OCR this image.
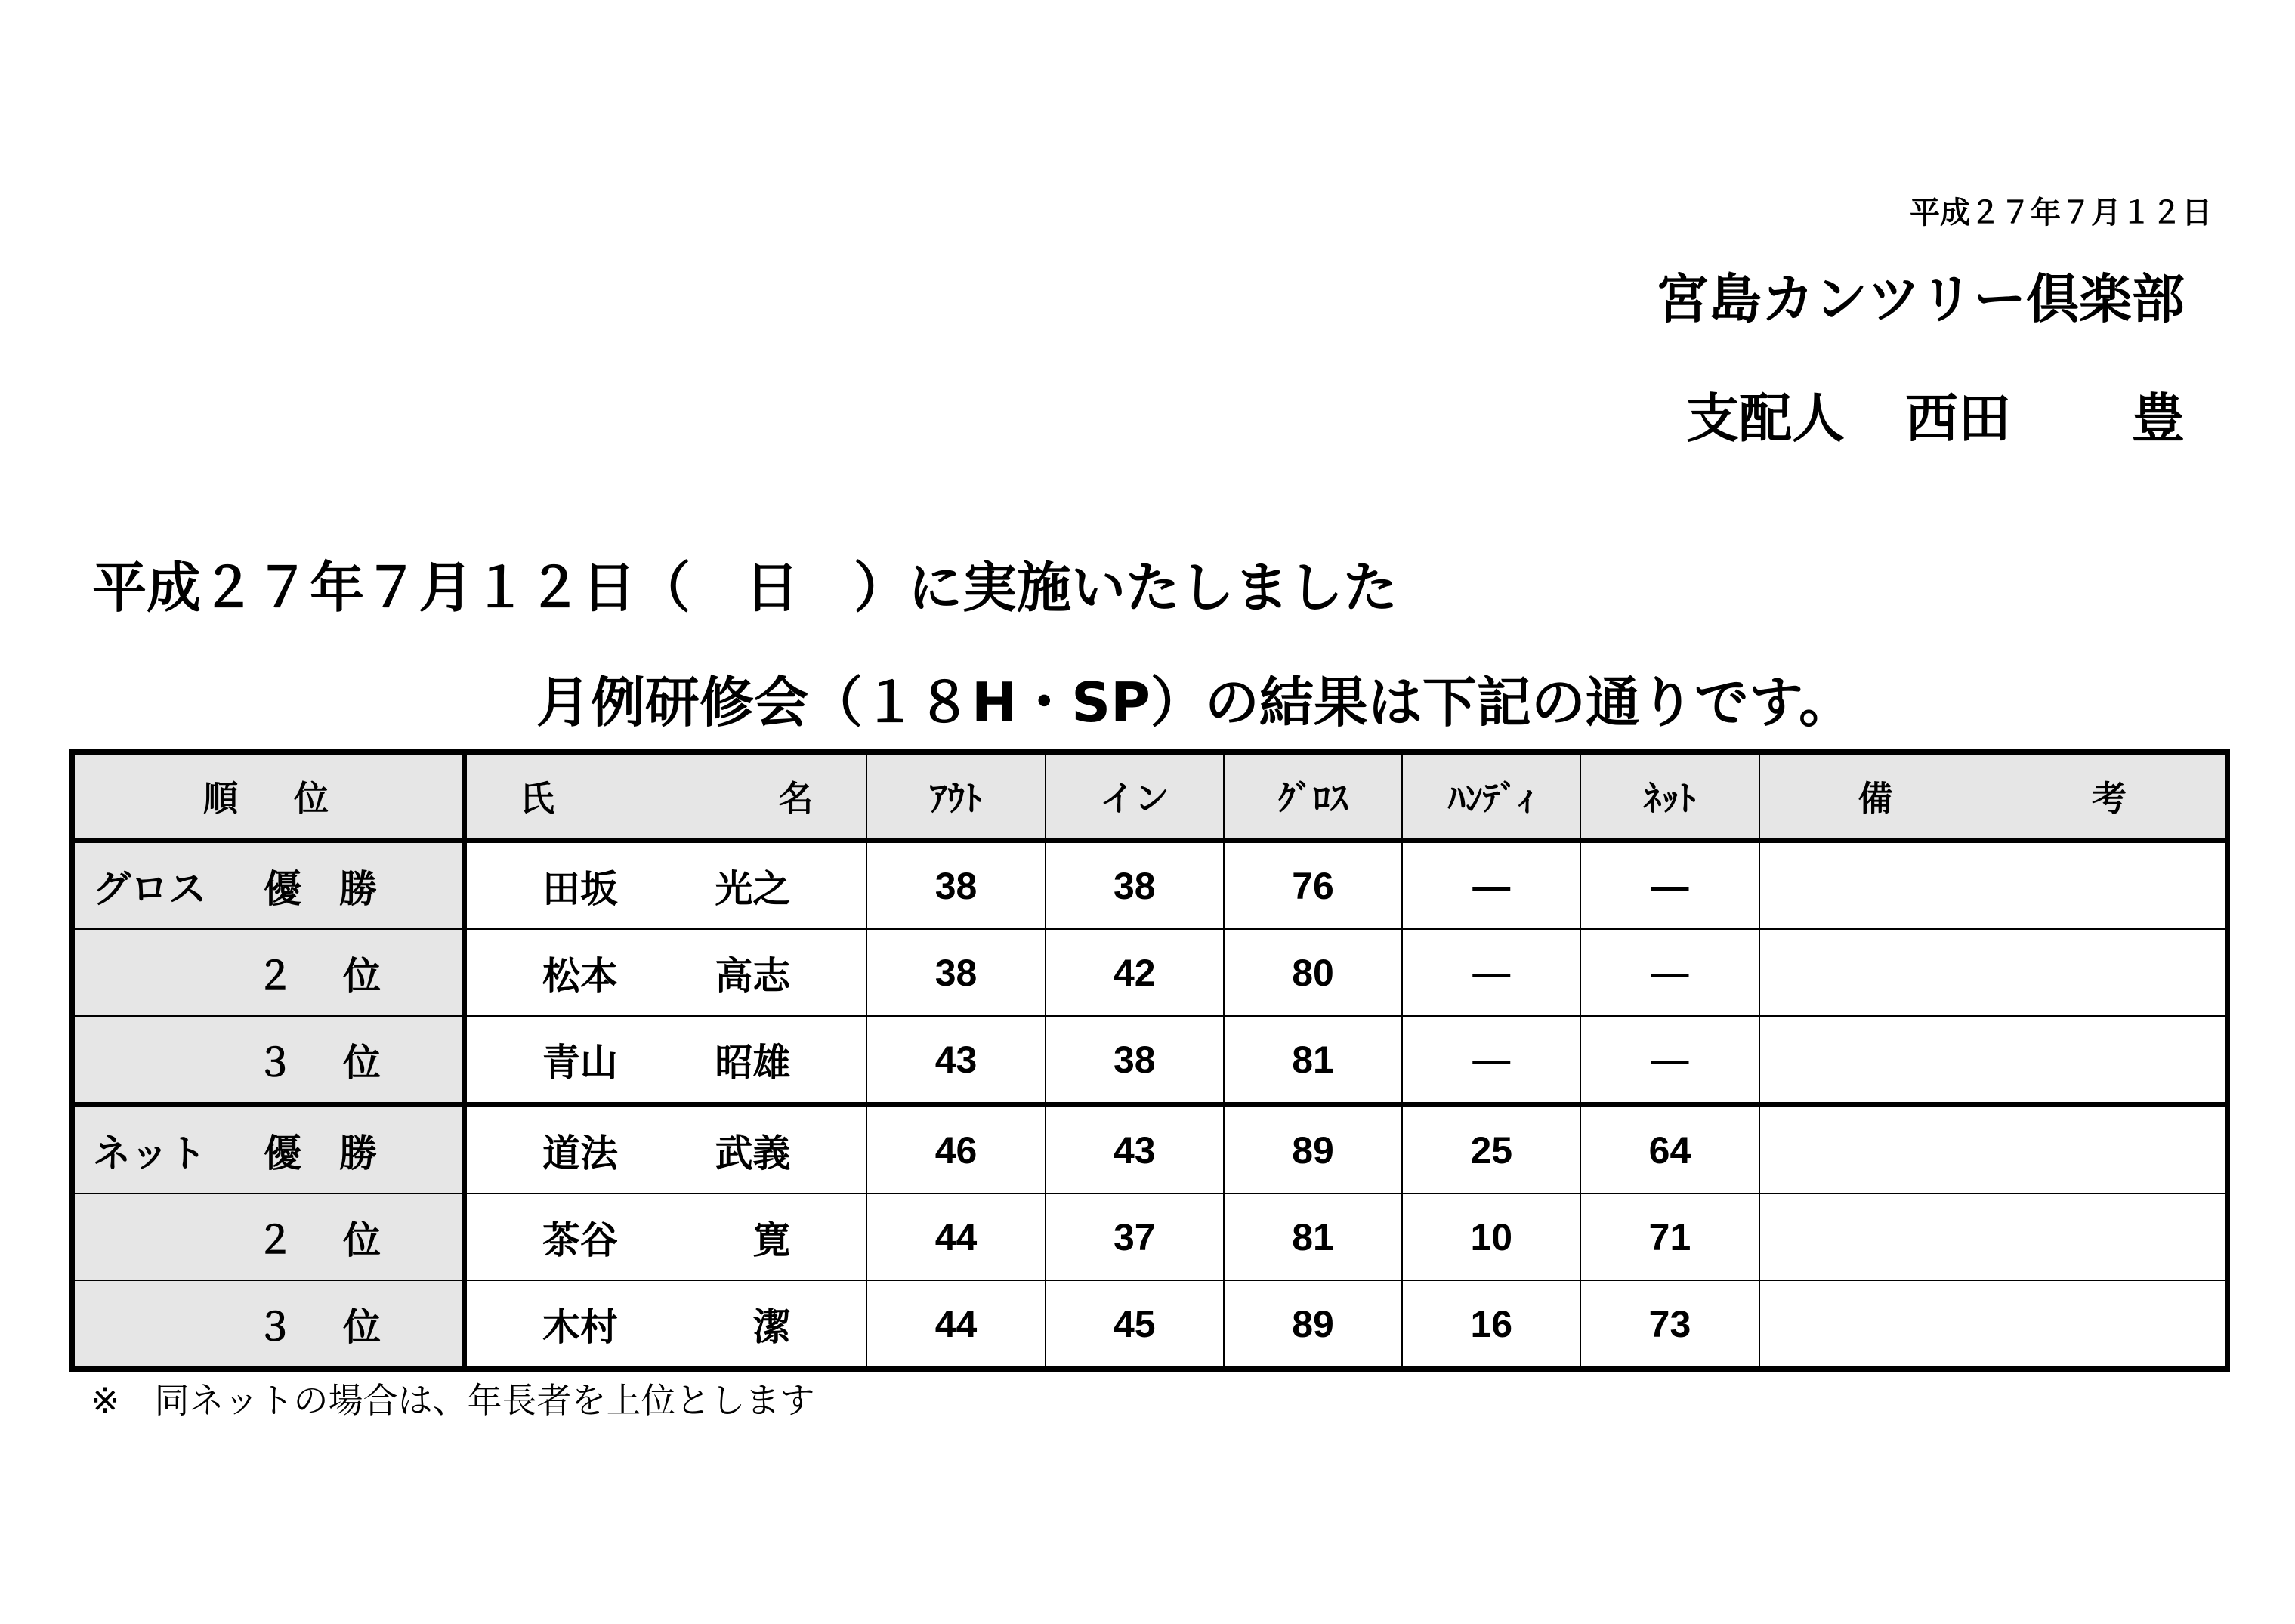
平成２７年７月１２日
宮島カンツリー倶楽部
支配人 西田 豊
平成２７年７月１２日（　日　）に実施いたしました
月例研修会（１８H・SP）の結果は下記の通りです。
順 位	氏 名	ｱｳﾄ	イン	ｸﾞﾛｽ	ﾊﾝﾃﾞｨ	ﾈｯﾄ	備 考

グロス 優　勝	田坂 光之	38	38	76	―	―	

２ 位	松本 高志	38	42	80	―	―	

３ 位	青山 昭雄	43	38	81	―	―	

ネット 優　勝	道法 武義	46	43	89	25	64	

２ 位	茶谷 寛	44	37	81	10	71	

３ 位	木村 潔	44	45	89	16	73	
※　同ネットの場合は、年長者を上位とします
